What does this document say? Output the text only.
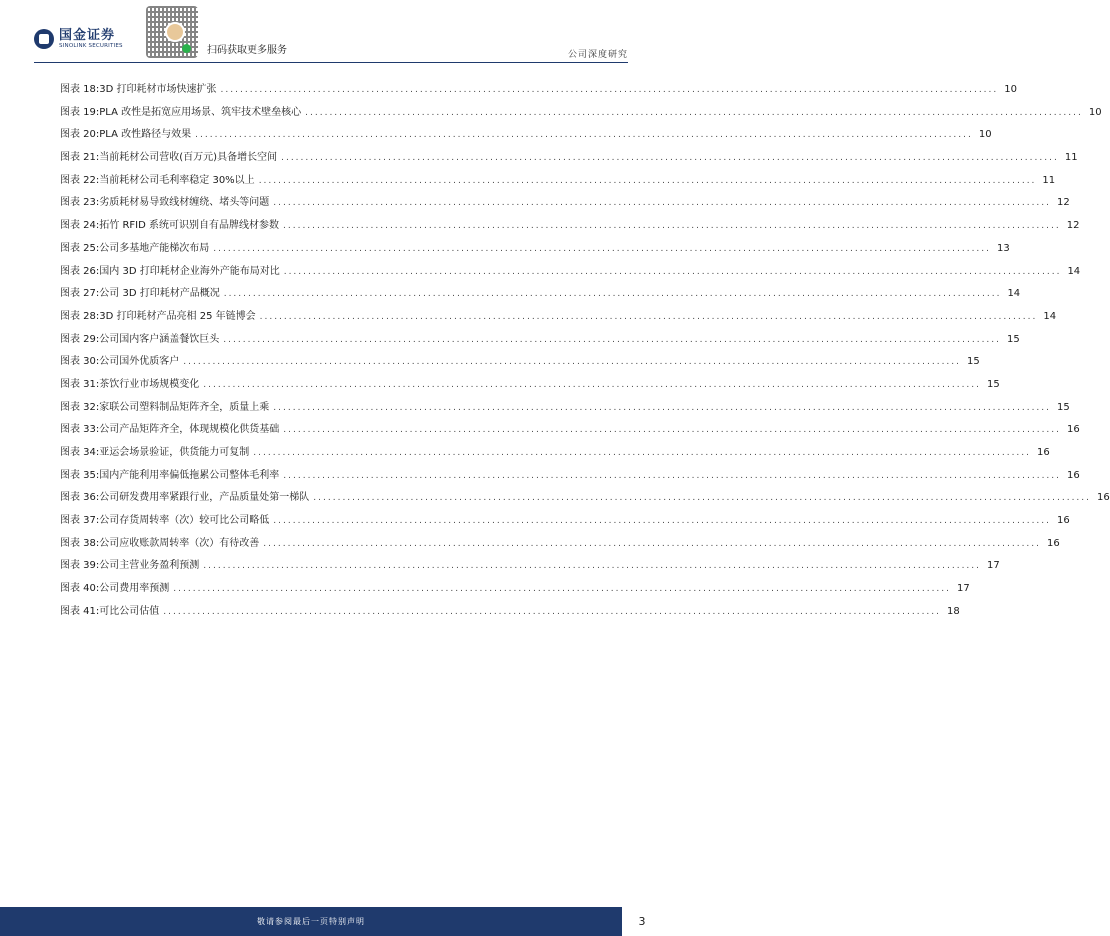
国金证券
SINOLINK SECURITIES	扫码获取更多服务	公司深度研究
图表 18: 3D 打印耗材市场快速扩张 ................................................................................................................................................................ 10
图表 19: PLA 改性是拓宽应用场景、筑牢技术壁垒核心 ................................................................................................................................................................ 10
图表 20: PLA 改性路径与效果 ................................................................................................................................................................ 10
图表 21: 当前耗材公司营收(百万元)具备增长空间 ................................................................................................................................................................ 11
图表 22: 当前耗材公司毛利率稳定 30%以上 ................................................................................................................................................................ 11
图表 23: 劣质耗材易导致线材缠绕、堵头等问题 ................................................................................................................................................................ 12
图表 24: 拓竹 RFID 系统可识别自有品牌线材参数 ................................................................................................................................................................ 12
图表 25: 公司多基地产能梯次布局 ................................................................................................................................................................ 13
图表 26: 国内 3D 打印耗材企业海外产能布局对比 ................................................................................................................................................................ 14
图表 27: 公司 3D 打印耗材产品概况 ................................................................................................................................................................ 14
图表 28: 3D 打印耗材产品亮相 25 年链博会 ................................................................................................................................................................ 14
图表 29: 公司国内客户涵盖餐饮巨头 ................................................................................................................................................................ 15
图表 30: 公司国外优质客户 ................................................................................................................................................................ 15
图表 31: 茶饮行业市场规模变化 ................................................................................................................................................................ 15
图表 32: 家联公司塑料制品矩阵齐全，质量上乘 ................................................................................................................................................................ 15
图表 33: 公司产品矩阵齐全，体现规模化供货基础 ................................................................................................................................................................ 16
图表 34: 亚运会场景验证，供货能力可复制 ................................................................................................................................................................ 16
图表 35: 国内产能利用率偏低拖累公司整体毛利率 ................................................................................................................................................................ 16
图表 36: 公司研发费用率紧跟行业，产品质量处第一梯队 ................................................................................................................................................................ 16
图表 37: 公司存货周转率（次）较可比公司略低 ................................................................................................................................................................ 16
图表 38: 公司应收账款周转率（次）有待改善 ................................................................................................................................................................ 16
图表 39: 公司主营业务盈利预测 ................................................................................................................................................................ 17
图表 40: 公司费用率预测 ................................................................................................................................................................ 17
图表 41: 可比公司估值 ................................................................................................................................................................ 18
敬请参阅最后一页特别声明	3
